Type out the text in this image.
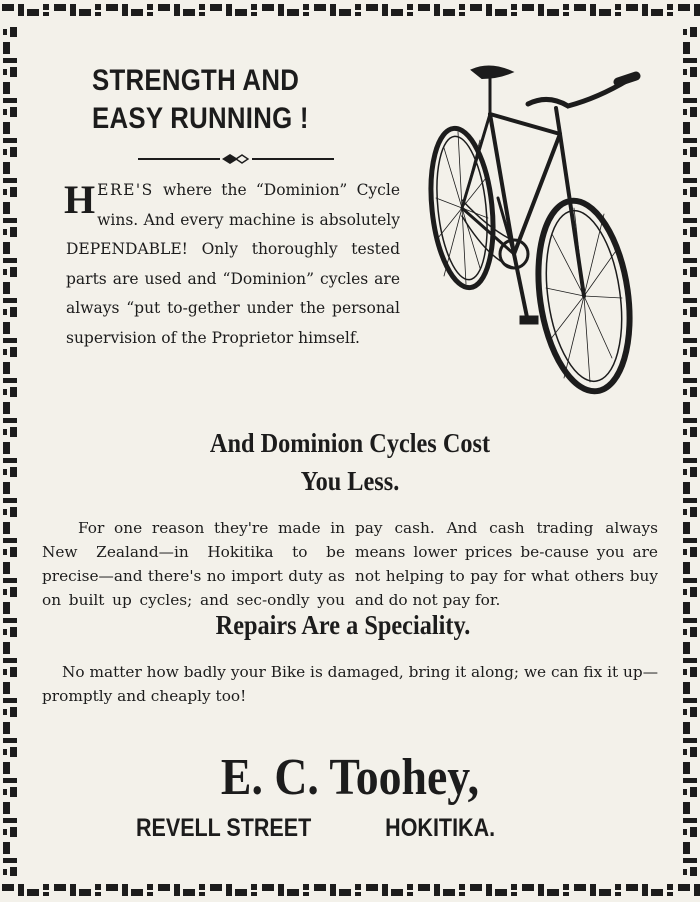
STRENGTH AND
EASY RUNNING !
HERE'S where the “Dominion” Cycle wins. And every machine is absolutely DEPENDABLE! Only thoroughly tested parts are used and “Dominion” cycles are always “put to-gether under the personal supervision of the Proprietor himself.
And Dominion Cycles Cost
You Less.
For one reason they're made in New Zealand—in Hokitika to be precise—and there's no import duty as on built up cycles; and sec-ondly you pay cash. And cash trading always means lower prices be-cause you are not helping to pay for what others buy and do not pay for.
Repairs Are a Speciality.
No matter how badly your Bike is damaged, bring it along; we can fix it up—promptly and cheaply too!
E. C. Toohey,
REVELL STREET	HOKITIKA.
